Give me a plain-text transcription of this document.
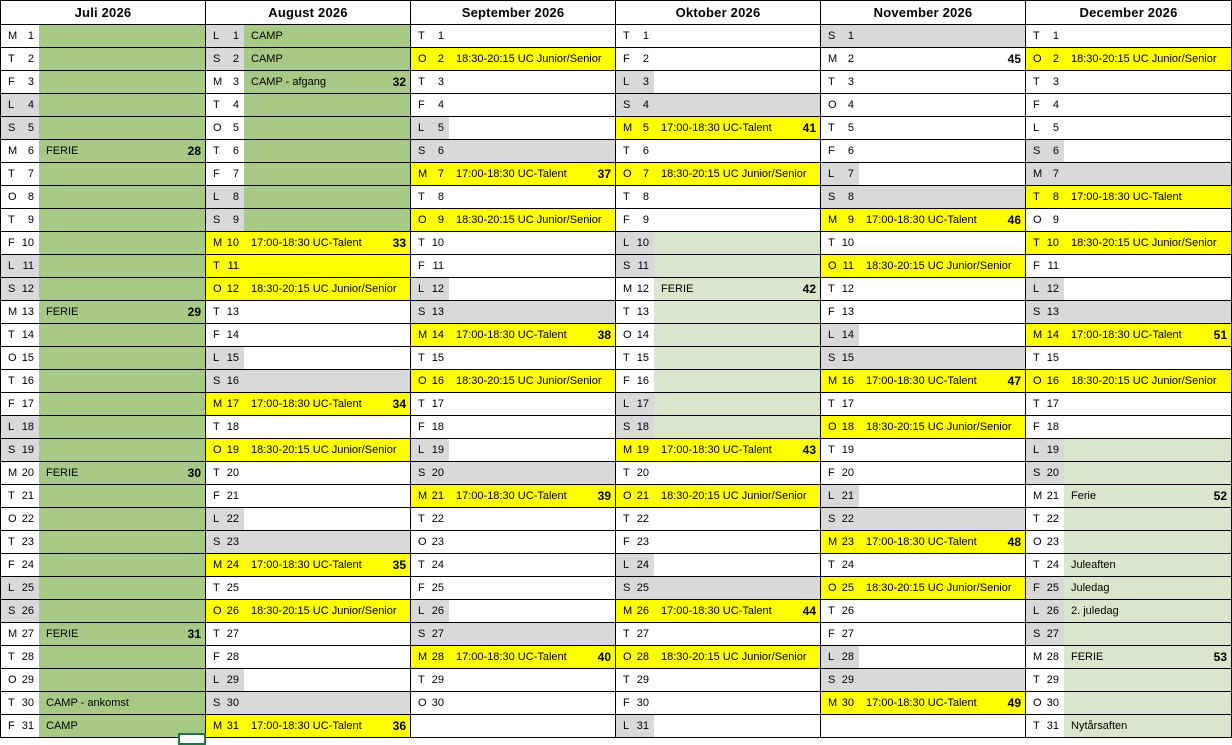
Juli 2026
M 1
T 2
F 3
L 4
S 5
M 6 FERIE	28
T 7
O 8
T 9
F 10
L 11
S 12
M 13 FERIE	29
T 14
O 15
T 16
F 17
L 18
S 19
M 20 FERIE	30
T 21
O 22
T 23
F 24
L 25
S 26
M 27 FERIE	31
T 28
O 29
T 30 CAMP - ankomst
F 31 CAMP
August 2026
L 1 CAMP
S 2 CAMP
M 3 CAMP - afgang	32
T 4
O 5
T 6
F 7
L 8
S 9
M 10 17:00-18:30 UC-Talent	33
T 11
O 12 18:30-20:15 UC Junior/Senior
T 13
F 14
L 15
S 16
M 17 17:00-18:30 UC-Talent	34
T 18
O 19 18:30-20:15 UC Junior/Senior
T 20
F 21
L 22
S 23
M 24 17:00-18:30 UC-Talent	35
T 25
O 26 18:30-20:15 UC Junior/Senior
T 27
F 28
L 29
S 30
M 31 17:00-18:30 UC-Talent	36
September 2026
T 1
O 2 18:30-20:15 UC Junior/Senior
T 3
F 4
L 5
S 6
M 7 17:00-18:30 UC-Talent	37
T 8
O 9 18:30-20:15 UC Junior/Senior
T 10
F 11
L 12
S 13
M 14 17:00-18:30 UC-Talent	38
T 15
O 16 18:30-20:15 UC Junior/Senior
T 17
F 18
L 19
S 20
M 21 17:00-18:30 UC-Talent	39
T 22
O 23
T 24
F 25
L 26
S 27
M 28 17:00-18:30 UC-Talent	40
T 29
O 30
Oktober 2026
T 1
F 2
L 3
S 4
M 5 17:00-18:30 UC-Talent	41
T 6
O 7 18:30-20:15 UC Junior/Senior
T 8
F 9
L 10
S 11
M 12 FERIE	42
T 13
O 14
T 15
F 16
L 17
S 18
M 19 17:00-18:30 UC-Talent	43
T 20
O 21 18:30-20:15 UC Junior/Senior
T 22
F 23
L 24
S 25
M 26 17:00-18:30 UC-Talent	44
T 27
O 28 18:30-20:15 UC Junior/Senior
T 29
F 30
L 31
November 2026
S 1
M 2	45
T 3
O 4
T 5
F 6
L 7
S 8
M 9 17:00-18:30 UC-Talent	46
T 10
O 11 18:30-20:15 UC Junior/Senior
T 12
F 13
L 14
S 15
M 16 17:00-18:30 UC-Talent	47
T 17
O 18 18:30-20:15 UC Junior/Senior
T 19
F 20
L 21
S 22
M 23 17:00-18:30 UC-Talent	48
T 24
O 25 18:30-20:15 UC Junior/Senior
T 26
F 27
L 28
S 29
M 30 17:00-18:30 UC-Talent	49
December 2026
T 1
O 2 18:30-20:15 UC Junior/Senior
T 3
F 4
L 5
S 6
M 7
T 8 17:00-18:30 UC-Talent
O 9
T 10 18:30-20:15 UC Junior/Senior
F 11
L 12
S 13
M 14 17:00-18:30 UC-Talent	51
T 15
O 16 18:30-20:15 UC Junior/Senior
T 17
F 18
L 19
S 20
M 21 Ferie	52
T 22
O 23
T 24 Juleaften
F 25 Juledag
L 26 2. juledag
S 27
M 28 FERIE	53
T 29
O 30
T 31 Nytårsaften
